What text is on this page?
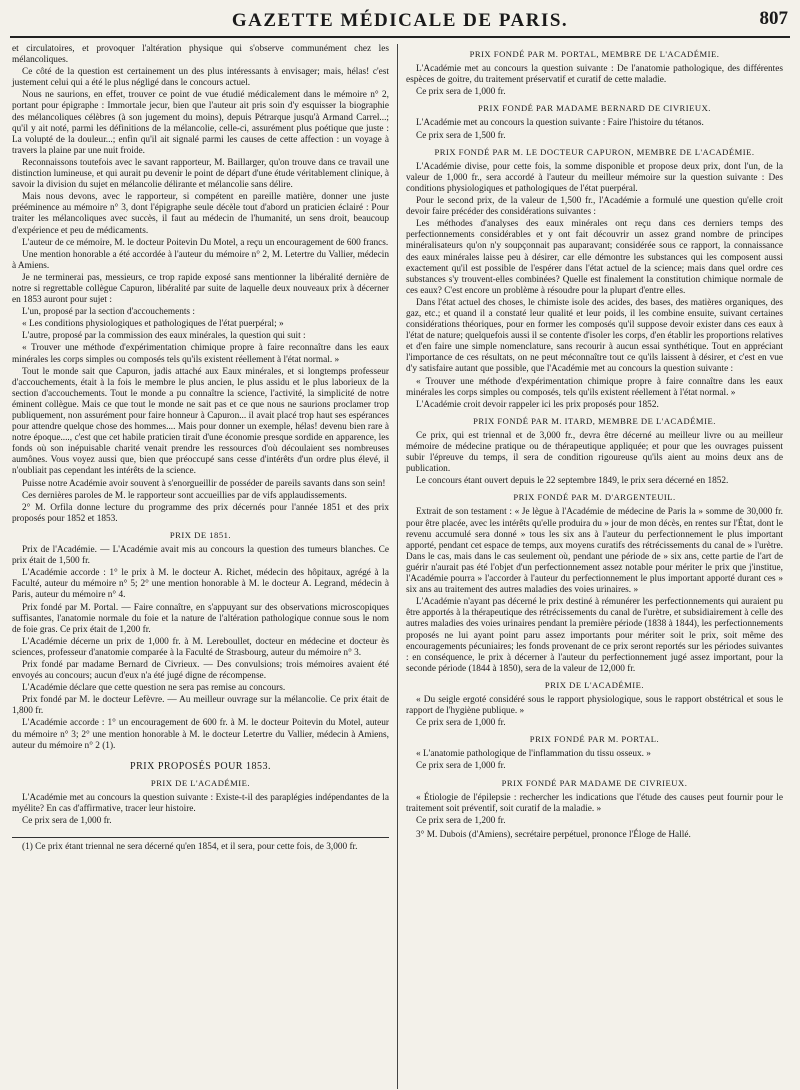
GAZETTE MÉDICALE DE PARIS.	807

et circulatoires, et provoquer l'altération physique qui s'observe communément chez les mélancoliques.

Ce côté de la question est certainement un des plus intéressants à envisager; mais, hélas! c'est justement celui qui a été le plus négligé dans le concours actuel.

Nous ne saurions, en effet, trouver ce point de vue étudié médicalement dans le mémoire n° 2, portant pour épigraphe : Immortale jecur, bien que l'auteur ait pris soin d'y esquisser la biographie des mélancoliques célèbres (à son jugement du moins), depuis Pétrarque jusqu'à Armand Carrel...; qu'il y ait noté, parmi les définitions de la mélancolie, celle-ci, assurément plus poétique que juste : La volupté de la douleur...; enfin qu'il ait signalé parmi les causes de cette affection : un voyage à travers la plaine par une nuit froide.

Reconnaissons toutefois avec le savant rapporteur, M. Baillarger, qu'on trouve dans ce travail une distinction lumineuse, et qui aurait pu devenir le point de départ d'une étude véritablement clinique, à savoir la division du sujet en mélancolie délirante et mélancolie sans délire.

Mais nous devons, avec le rapporteur, si compétent en pareille matière, donner une juste prééminence au mémoire n° 3, dont l'épigraphe seule décèle tout d'abord un praticien éclairé : Pour traiter les mélancoliques avec succès, il faut au médecin de l'humanité, un sens droit, beaucoup d'expérience et peu de médicaments.

L'auteur de ce mémoire, M. le docteur Poitevin Du Motel, a reçu un encouragement de 600 francs.

Une mention honorable a été accordée à l'auteur du mémoire n° 2, M. Letertre du Vallier, médecin à Amiens.

Je ne terminerai pas, messieurs, ce trop rapide exposé sans mentionner la libéralité dernière de notre si regrettable collègue Capuron, libéralité par suite de laquelle deux nouveaux prix à décerner en 1853 auront pour sujet :

L'un, proposé par la section d'accouchements :

« Les conditions physiologiques et pathologiques de l'état puerpéral; »

L'autre, proposé par la commission des eaux minérales, la question qui suit :

« Trouver une méthode d'expérimentation chimique propre à faire reconnaître dans les eaux minérales les corps simples ou composés tels qu'ils existent réellement à l'état normal. »

Tout le monde sait que Capuron, jadis attaché aux Eaux minérales, et si longtemps professeur d'accouchements, était à la fois le membre le plus ancien, le plus assidu et le plus laborieux de la section d'accouchements. Tout le monde a pu connaître la science, l'activité, la simplicité de notre éminent collègue. Mais ce que tout le monde ne sait pas et ce que nous ne saurions proclamer trop publiquement, non assurément pour faire honneur à Capuron... il avait placé trop haut ses espérances pour attendre quelque chose des hommes.... Mais pour donner un exemple, hélas! devenu bien rare à notre époque...., c'est que cet habile praticien tirait d'une économie presque sordide en apparence, les fonds où son inépuisable charité venait prendre les ressources d'où découlaient ses nombreuses aumônes. Vous voyez aussi que, bien que préoccupé sans cesse d'intérêts d'un ordre plus élevé, il n'oubliait pas cependant les intérêts de la science.

Puisse notre Académie avoir souvent à s'enorgueillir de posséder de pareils savants dans son sein!

Ces dernières paroles de M. le rapporteur sont accueillies par de vifs applaudissements.

2° M. Orfila donne lecture du programme des prix décernés pour l'année 1851 et des prix proposés pour 1852 et 1853.

PRIX DE 1851.

Prix de l'Académie. — L'Académie avait mis au concours la question des tumeurs blanches. Ce prix était de 1,500 fr.

L'Académie accorde : 1° le prix à M. le docteur A. Richet, médecin des hôpitaux, agrégé à la Faculté, auteur du mémoire n° 5; 2° une mention honorable à M. le docteur A. Legrand, médecin à Paris, auteur du mémoire n° 4.

Prix fondé par M. Portal. — Faire connaître, en s'appuyant sur des observations microscopiques suffisantes, l'anatomie normale du foie et la nature de l'altération pathologique connue sous le nom de foie gras. Ce prix était de 1,200 fr.

L'Académie décerne un prix de 1,000 fr. à M. Lereboullet, docteur en médecine et docteur ès sciences, professeur d'anatomie comparée à la Faculté de Strasbourg, auteur du mémoire n° 3.

Prix fondé par madame Bernard de Civrieux. — Des convulsions; trois mémoires avaient été envoyés au concours; aucun d'eux n'a été jugé digne de récompense.

L'Académie déclare que cette question ne sera pas remise au concours.

Prix fondé par M. le docteur Lefèvre. — Au meilleur ouvrage sur la mélancolie. Ce prix était de 1,800 fr.

L'Académie accorde : 1° un encouragement de 600 fr. à M. le docteur Poitevin du Motel, auteur du mémoire n° 3; 2° une mention honorable à M. le docteur Letertre du Vallier, médecin à Amiens, auteur du mémoire n° 2 (1).

PRIX PROPOSÉS POUR 1853.
PRIX DE L'ACADÉMIE.

L'Académie met au concours la question suivante : Existe-t-il des paraplégies indépendantes de la myélite? En cas d'affirmative, tracer leur histoire.

Ce prix sera de 1,000 fr.

(1) Ce prix étant triennal ne sera décerné qu'en 1854, et il sera, pour cette fois, de 3,000 fr.

PRIX FONDÉ PAR M. PORTAL, MEMBRE DE L'ACADÉMIE.

L'Académie met au concours la question suivante : De l'anatomie pathologique, des différentes espèces de goitre, du traitement préservatif et curatif de cette maladie.

Ce prix sera de 1,000 fr.

PRIX FONDÉ PAR MADAME BERNARD DE CIVRIEUX.

L'Académie met au concours la question suivante : Faire l'histoire du tétanos.

Ce prix sera de 1,500 fr.

PRIX FONDÉ PAR M. LE DOCTEUR CAPURON, MEMBRE DE L'ACADÉMIE.

L'Académie divise, pour cette fois, la somme disponible et propose deux prix, dont l'un, de la valeur de 1,000 fr., sera accordé à l'auteur du meilleur mémoire sur la question suivante : Des conditions physiologiques et pathologiques de l'état puerpéral.

Pour le second prix, de la valeur de 1,500 fr., l'Académie a formulé une question qu'elle croit devoir faire précéder des considérations suivantes :

Les méthodes d'analyses des eaux minérales ont reçu dans ces derniers temps des perfectionnements considérables et y ont fait découvrir un assez grand nombre de principes minéralisateurs qu'on n'y soupçonnait pas auparavant; considérée sous ce rapport, la connaissance des eaux minérales laisse peu à désirer, car elle démontre les substances qui les composent aussi exactement qu'il est possible de l'espérer dans l'état actuel de la science; mais dans quel ordre ces substances s'y trouvent-elles combinées? Quelle est finalement la constitution chimique normale de ces eaux? C'est encore un problème à résoudre pour la plupart d'entre elles.

Dans l'état actuel des choses, le chimiste isole des acides, des bases, des matières organiques, des gaz, etc.; et quand il a constaté leur qualité et leur poids, il les combine ensuite, suivant certaines considérations théoriques, pour en former les composés qu'il suppose devoir exister dans ces eaux à l'état de nature; quelquefois aussi il se contente d'isoler les corps, d'en établir les proportions relatives et d'en faire une simple nomenclature, sans recourir à aucun essai synthétique. Tout en appréciant l'importance de ces résultats, on ne peut méconnaître tout ce qu'ils laissent à désirer, et c'est en vue d'y satisfaire autant que possible, que l'Académie met au concours la question suivante :

« Trouver une méthode d'expérimentation chimique propre à faire connaître dans les eaux minérales les corps simples ou composés, tels qu'ils existent réellement à l'état normal. »

L'Académie croit devoir rappeler ici les prix proposés pour 1852.

PRIX FONDÉ PAR M. ITARD, MEMBRE DE L'ACADÉMIE.

Ce prix, qui est triennal et de 3,000 fr., devra être décerné au meilleur livre ou au meilleur mémoire de médecine pratique ou de thérapeutique appliquée; et pour que les ouvrages puissent subir l'épreuve du temps, il sera de condition rigoureuse qu'ils aient au moins deux ans de publication.

Le concours étant ouvert depuis le 22 septembre 1849, le prix sera décerné en 1852.

PRIX FONDÉ PAR M. D'ARGENTEUIL.

Extrait de son testament : « Je lègue à l'Académie de médecine de Paris la » somme de 30,000 fr. pour être placée, avec les intérêts qu'elle produira du » jour de mon décès, en rentes sur l'État, dont le revenu accumulé sera donné » tous les six ans à l'auteur du perfectionnement le plus important apporté, pendant cet espace de temps, aux moyens curatifs des rétrécissements du canal de » l'urètre. Dans le cas, mais dans le cas seulement où, pendant une période de » six ans, cette partie de l'art de guérir n'aurait pas été l'objet d'un perfectionnement assez notable pour mériter le prix que j'institue, l'Académie pourra » l'accorder à l'auteur du perfectionnement le plus important apporté durant ces » six ans au traitement des autres maladies des voies urinaires. »

L'Académie n'ayant pas décerné le prix destiné à rémunérer les perfectionnements qui auraient pu être apportés à la thérapeutique des rétrécissements du canal de l'urètre, et subsidiairement à celle des autres maladies des voies urinaires pendant la première période (1838 à 1844), les perfectionnements proposés ne lui ayant point paru assez importants pour mériter soit le prix, soit même des encouragements pécuniaires; les fonds provenant de ce prix seront reportés sur les périodes suivantes : en conséquence, le prix à décerner à l'auteur du perfectionnement jugé assez important, pour la seconde période (1844 à 1850), sera de la valeur de 12,000 fr.

PRIX DE L'ACADÉMIE.

« Du seigle ergoté considéré sous le rapport physiologique, sous le rapport obstétrical et sous le rapport de l'hygiène publique. »

Ce prix sera de 1,000 fr.

PRIX FONDÉ PAR M. PORTAL.

« L'anatomie pathologique de l'inflammation du tissu osseux. »

Ce prix sera de 1,000 fr.

PRIX FONDÉ PAR MADAME DE CIVRIEUX.

« Étiologie de l'épilepsie : rechercher les indications que l'étude des causes peut fournir pour le traitement soit préventif, soit curatif de la maladie. »

Ce prix sera de 1,200 fr.

3° M. Dubois (d'Amiens), secrétaire perpétuel, prononce l'Éloge de Hallé.
